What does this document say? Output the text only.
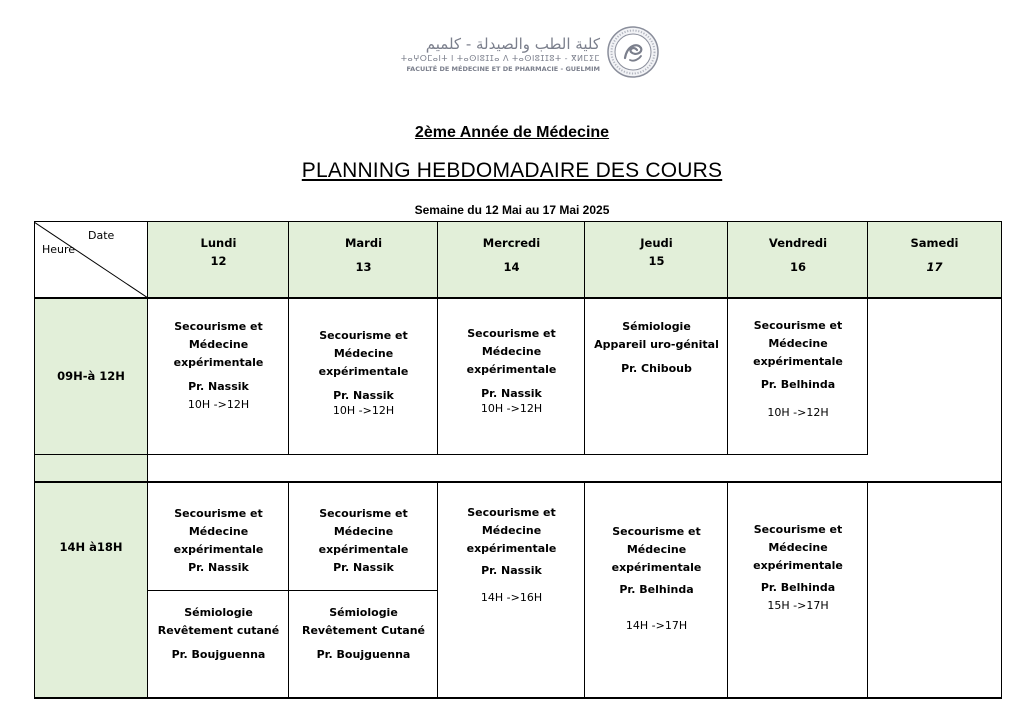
كلية الطب والصيدلة - كلميم
ⵜⴰⵖⵔⵎⴰⵏⵜ ⵏ ⵜⴰⵙⵏⵓⵊⵊⴰ ⴷ ⵜⴰⵙⵏⵓⵊⵊⵓⵜ - ⴳⵍⵎⵉⵎ
FACULTÉ DE MÉDECINE ET DE PHARMACIE - GUELMIM
2ème Année de Médecine
PLANNING HEBDOMADAIRE DES COURS
Semaine du 12 Mai au 17 Mai 2025
Date
Heure	Lundi
12
Mardi
13
Mercredi
14
Jeudi
15
Vendredi
16
Samedi
17
09H-à 12H
14H à18H
Secourisme et
Médecine
expérimentale
Pr. Nassik
10H ->12H
Secourisme et
Médecine
expérimentale
Pr. Nassik
10H ->12H
Secourisme et
Médecine
expérimentale
Pr. Nassik
10H ->12H
Sémiologie
Appareil uro-génital
Pr. Chiboub
Secourisme et
Médecine
expérimentale
Pr. Belhinda
10H ->12H
Secourisme et
Médecine
expérimentale
Pr. Nassik
Sémiologie
Revêtement cutané
Pr. Boujguenna
Secourisme et
Médecine
expérimentale
Pr. Nassik
Sémiologie
Revêtement Cutané
Pr. Boujguenna
Secourisme et
Médecine
expérimentale
Pr. Nassik
14H ->16H
Secourisme et
Médecine
expérimentale
Pr. Belhinda
14H ->17H
Secourisme et
Médecine
expérimentale
Pr. Belhinda
15H ->17H
